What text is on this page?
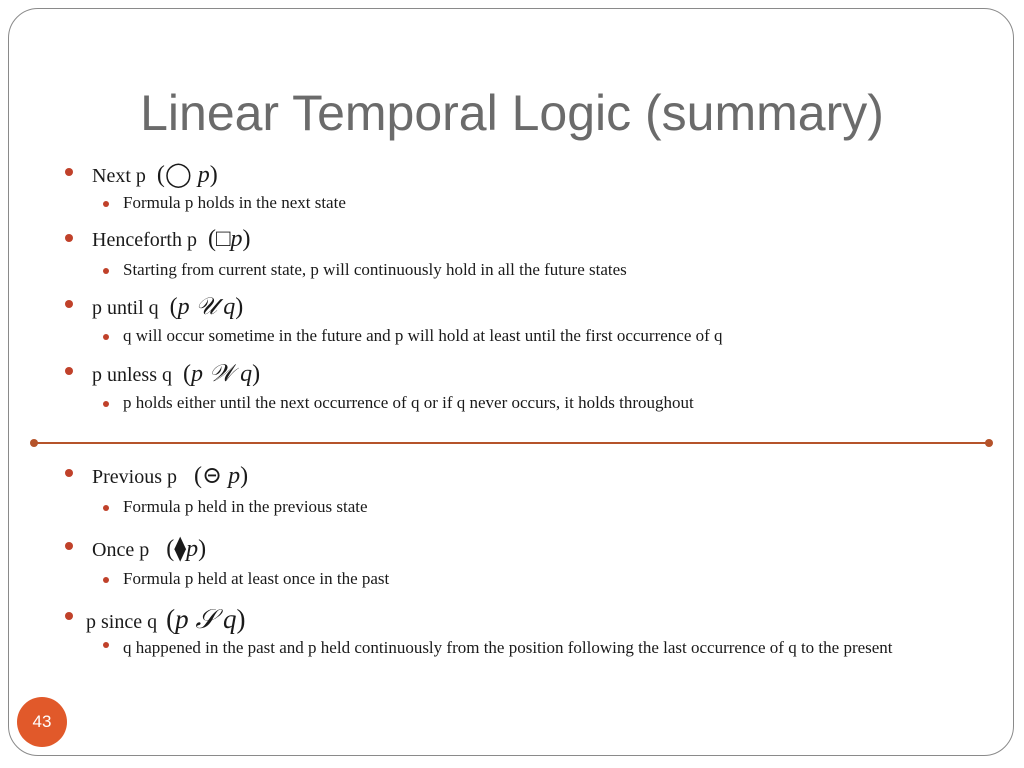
Linear Temporal Logic (summary)
Next p (◯ p)
Formula p holds in the next state
Henceforth p (□p)
Starting from current state, p will continuously hold in all the future states
p until q (p 𝒰 q)
q will occur sometime in the future and p will hold at least until the first occurrence of q
p unless q (p 𝒲 q)
p holds either until the next occurrence of q or if q never occurs, it holds throughout
Previous p (⊝ p)
Formula p held in the previous state
Once p (⧫p)
Formula p held at least once in the past
p since q (p 𝒮 q)
q happened in the past and p held continuously from the position following the last occurrence of q to the present
43
